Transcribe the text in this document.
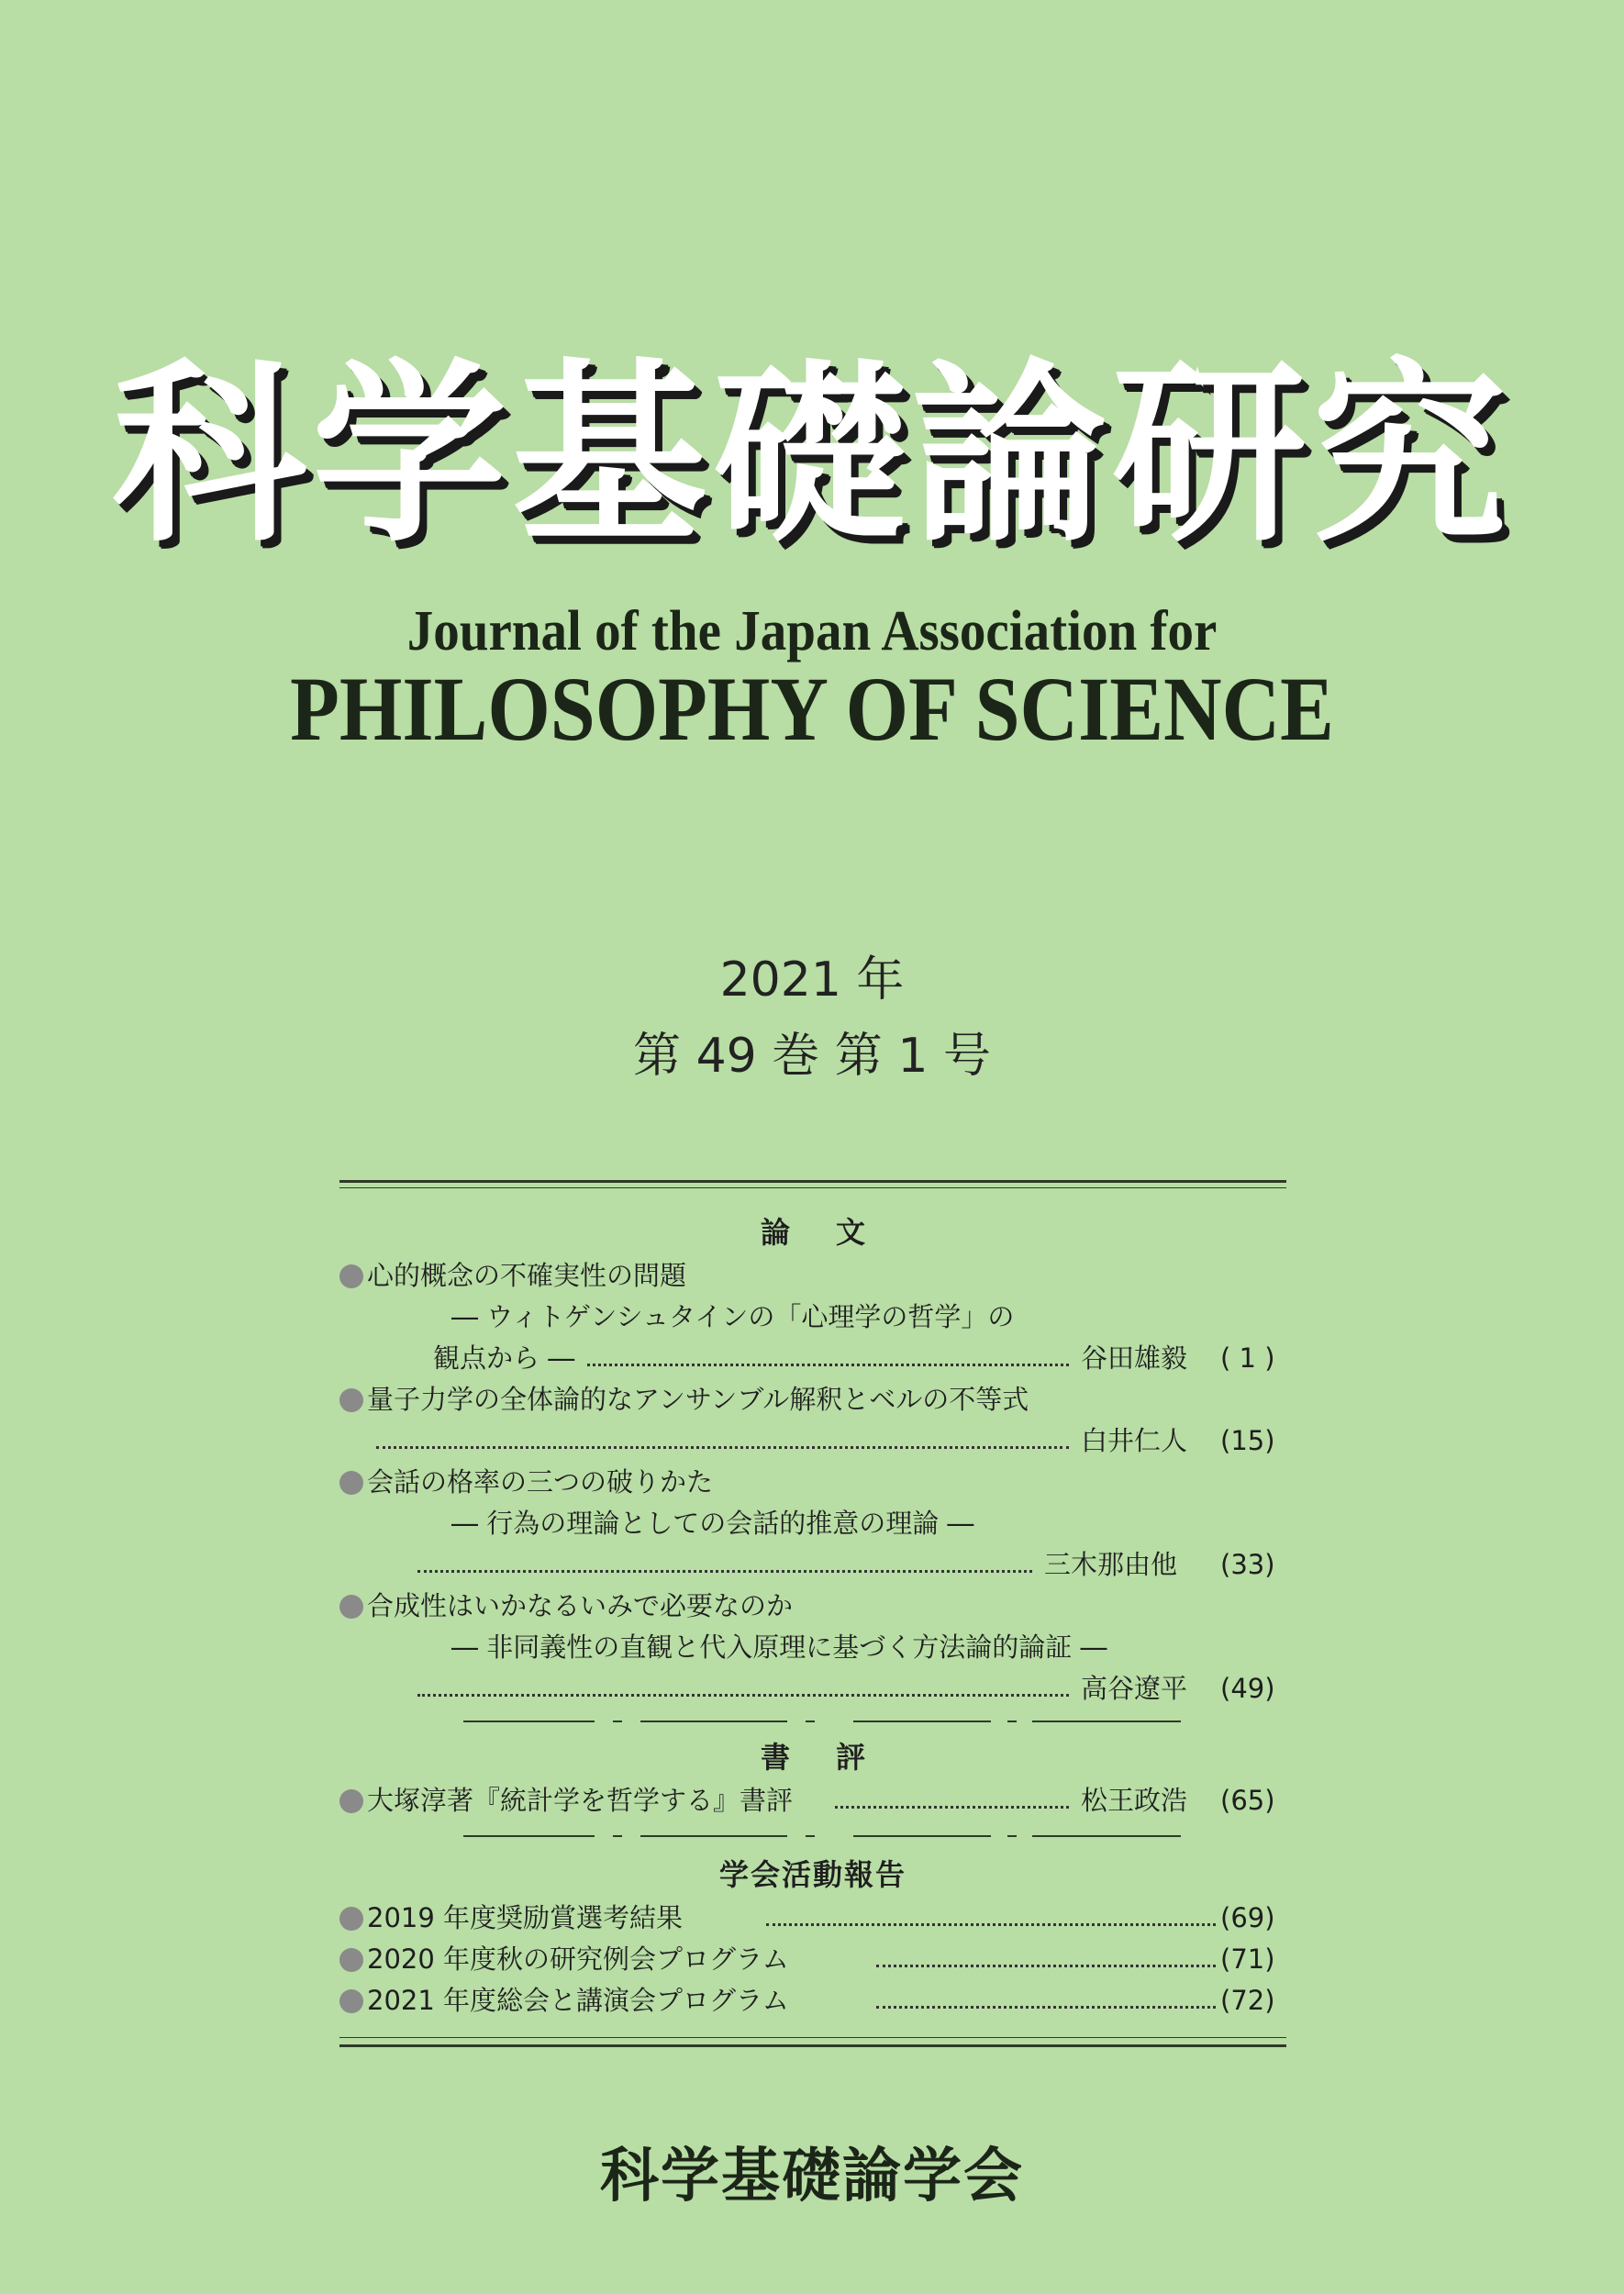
科学基礎論研究
Journal of the Japan Association for
PHILOSOPHY OF SCIENCE
2021 年
第 49 巻 第 1 号
論文
心的概念の不確実性の問題
― ウィトゲンシュタインの「心理学の哲学」の
観点から ―	谷田雄毅 ( 1 )
量子力学の全体論的なアンサンブル解釈とベルの不等式
白井仁人 (15)
会話の格率の三つの破りかた
― 行為の理論としての会話的推意の理論 ―
三木那由他 (33)
合成性はいかなるいみで必要なのか
― 非同義性の直観と代入原理に基づく方法論的論証 ―
高谷遼平 (49)
書評
大塚淳著『統計学を哲学する』書評	松王政浩 (65)
学会活動報告
2019 年度奨励賞選考結果	(69)
2020 年度秋の研究例会プログラム	(71)
2021 年度総会と講演会プログラム	(72)
科学基礎論学会
